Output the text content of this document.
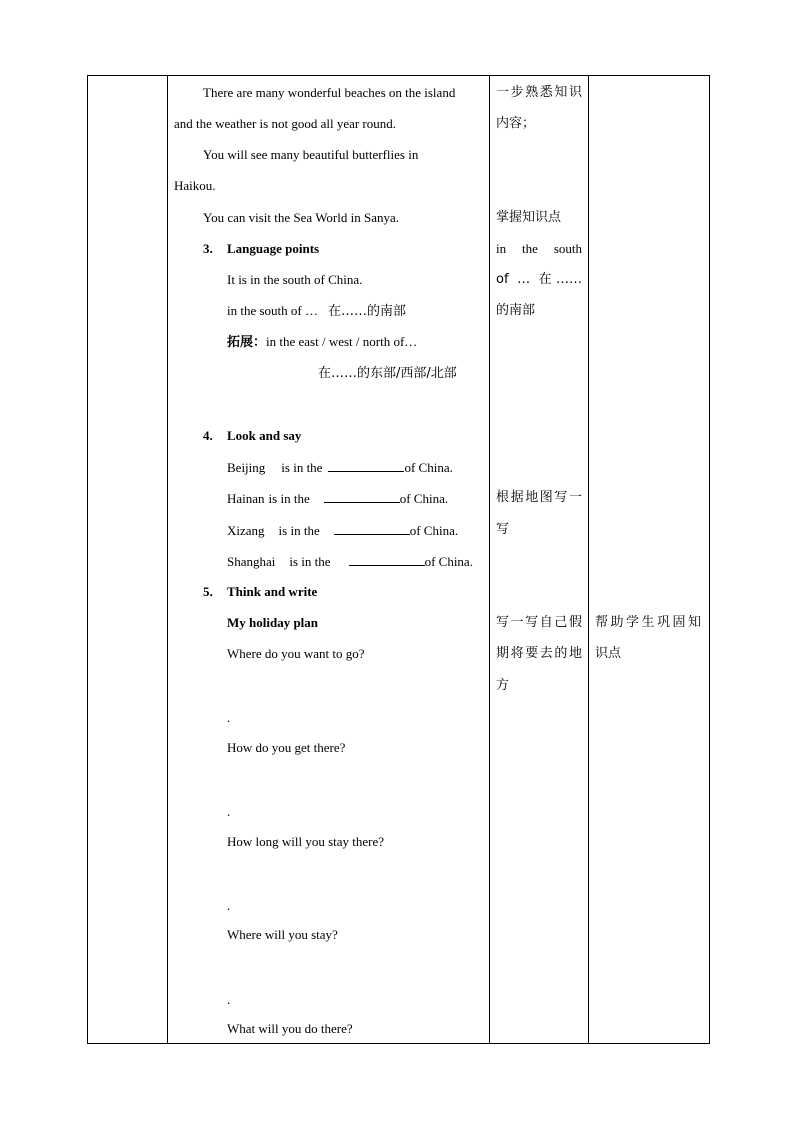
There are many wonderful beaches on the island
and the weather is not good all year round.
You will see many beautiful butterflies in
Haikou.
You can visit the Sea World in Sanya.
3. Language points
It is in the south of China.
in the south of … 在……的南部
拓展：in the east / west / north of…
在……的东部/西部/北部
4. Look and say
Beijing is in the	of China.
Hainan is in the	of China.
Xizang is in the	of China.
Shanghai is in the	of China.
5. Think and write
My holiday plan
Where do you want to go?
.
How do you get there?
.
How long will you stay there?
.
Where will you stay?
.
What will you do there?

一步熟悉知识
内容；
掌握知识点
in the south
of … 在……
的南部
根据地图写一
写
写一写自己假
期将要去的地
方

帮助学生巩固知
识点
